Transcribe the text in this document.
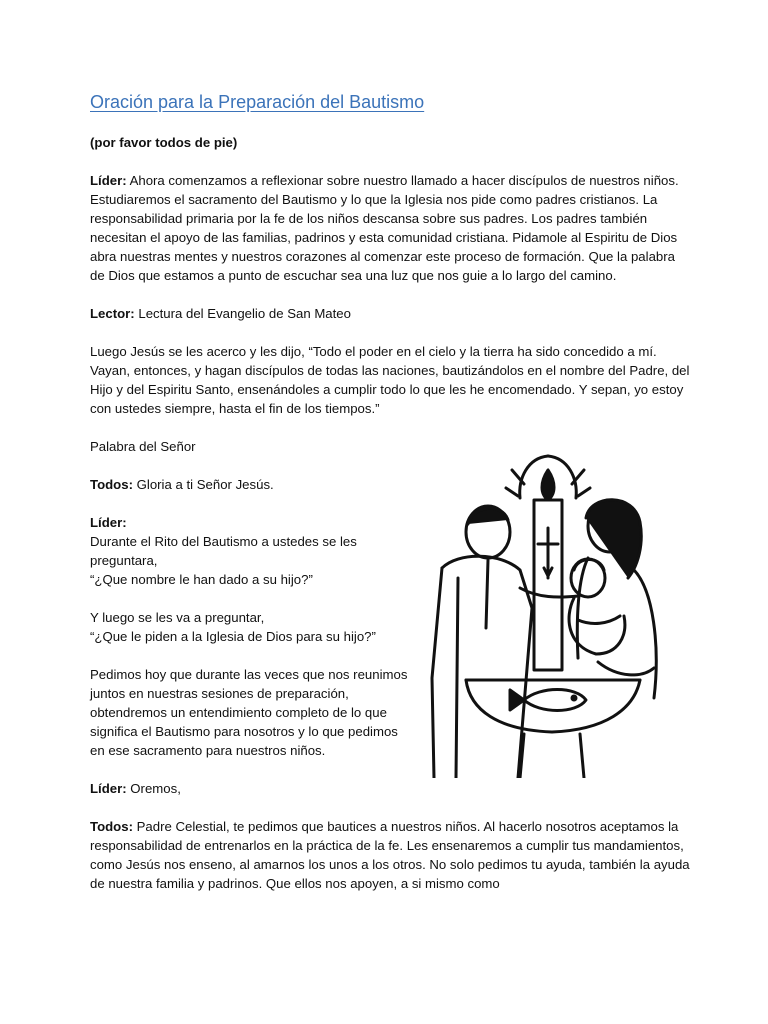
Oración para la Preparación del Bautismo

(por favor todos de pie)

Líder: Ahora comenzamos a reflexionar sobre nuestro llamado a hacer discípulos de nuestros niños. Estudiaremos el sacramento del Bautismo y lo que la Iglesia nos pide como padres cristianos. La responsabilidad primaria por la fe de los niños descansa sobre sus padres. Los padres también necesitan el apoyo de las familias, padrinos y esta comunidad cristiana. Pidamole al Espiritu de Dios abra nuestras mentes y nuestros corazones al comenzar este proceso de formación. Que la palabra de Dios que estamos a punto de escuchar sea una luz que nos guie a lo largo del camino.

Lector: Lectura del Evangelio de San Mateo

Luego Jesús se les acerco y les dijo, “Todo el poder en el cielo y la tierra ha sido concedido a mí. Vayan, entonces, y hagan discípulos de todas las naciones, bautizándolos en el nombre del Padre, del Hijo y del Espiritu Santo, ensenándoles a cumplir todo lo que les he encomendado. Y sepan, yo estoy con ustedes siempre, hasta el fin de los tiempos.”

Palabra del Señor

Todos: Gloria a ti Señor Jesús.

Líder:
Durante el Rito del Bautismo a ustedes se les preguntara,
“¿Que nombre le han dado a su hijo?”

Y luego se les va a preguntar,
“¿Que le piden a la Iglesia de Dios para su hijo?”

Pedimos hoy que durante las veces que nos reunimos juntos en nuestras sesiones de preparación, obtendremos un entendimiento completo de lo que significa el Bautismo para nosotros y lo que pedimos en ese sacramento para nuestros niños.

Líder: Oremos,

Todos: Padre Celestial, te pedimos que bautices a nuestros niños. Al hacerlo nosotros aceptamos la responsabilidad de entrenarlos en la práctica de la fe. Les ensenaremos a cumplir tus mandamientos, como Jesús nos enseno, al amarnos los unos a los otros. No solo pedimos tu ayuda, también la ayuda de nuestra familia y padrinos. Que ellos nos apoyen, a si mismo como
